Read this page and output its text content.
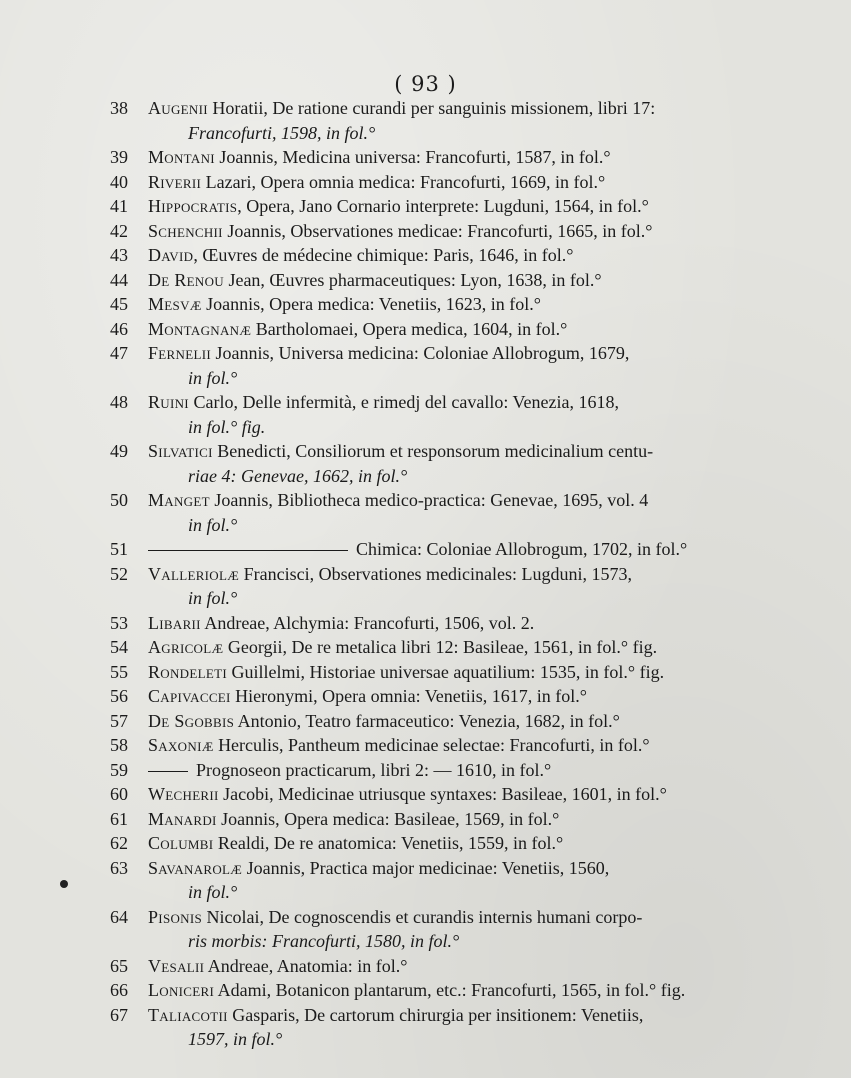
( 93 )
38	Augenii Horatii, De ratione curandi per sanguinis missionem, libri 17:
Francofurti, 1598, in fol.°
39	Montani Joannis, Medicina universa: Francofurti, 1587, in fol.°
40	Riverii Lazari, Opera omnia medica: Francofurti, 1669, in fol.°
41	Hippocratis, Opera, Jano Cornario interprete: Lugduni, 1564, in fol.°
42	Schenchii Joannis, Observationes medicae: Francofurti, 1665, in fol.°
43	David, Œuvres de médecine chimique: Paris, 1646, in fol.°
44	De Renou Jean, Œuvres pharmaceutiques: Lyon, 1638, in fol.°
45	Mesvæ Joannis, Opera medica: Venetiis, 1623, in fol.°
46	Montagnanæ Bartholomaei, Opera medica, 1604, in fol.°
47	Fernelii Joannis, Universa medicina: Coloniae Allobrogum, 1679,
in fol.°
48	Ruini Carlo, Delle infermità, e rimedj del cavallo: Venezia, 1618,
in fol.° fig.
49	Silvatici Benedicti, Consiliorum et responsorum medicinalium centu-
riae 4: Genevae, 1662, in fol.°
50	Manget Joannis, Bibliotheca medico-practica: Genevae, 1695, vol. 4
in fol.°
51	Chimica: Coloniae Allobrogum, 1702, in fol.°
52	Valleriolæ Francisci, Observationes medicinales: Lugduni, 1573,
in fol.°
53	Libarii Andreae, Alchymia: Francofurti, 1506, vol. 2.
54	Agricolæ Georgii, De re metalica libri 12: Basileae, 1561, in fol.° fig.
55	Rondeleti Guillelmi, Historiae universae aquatilium: 1535, in fol.° fig.
56	Capivaccei Hieronymi, Opera omnia: Venetiis, 1617, in fol.°
57	De Sgobbis Antonio, Teatro farmaceutico: Venezia, 1682, in fol.°
58	Saxoniæ Herculis, Pantheum medicinae selectae: Francofurti, in fol.°
59	Prognoseon practicarum, libri 2: — 1610, in fol.°
60	Wecherii Jacobi, Medicinae utriusque syntaxes: Basileae, 1601, in fol.°
61	Manardi Joannis, Opera medica: Basileae, 1569, in fol.°
62	Columbi Realdi, De re anatomica: Venetiis, 1559, in fol.°
63	Savanarolæ Joannis, Practica major medicinae: Venetiis, 1560,
in fol.°
64	Pisonis Nicolai, De cognoscendis et curandis internis humani corpo-
ris morbis: Francofurti, 1580, in fol.°
65	Vesalii Andreae, Anatomia: in fol.°
66	Loniceri Adami, Botanicon plantarum, etc.: Francofurti, 1565, in fol.° fig.
67	Taliacotii Gasparis, De cartorum chirurgia per insitionem: Venetiis,
1597, in fol.°
